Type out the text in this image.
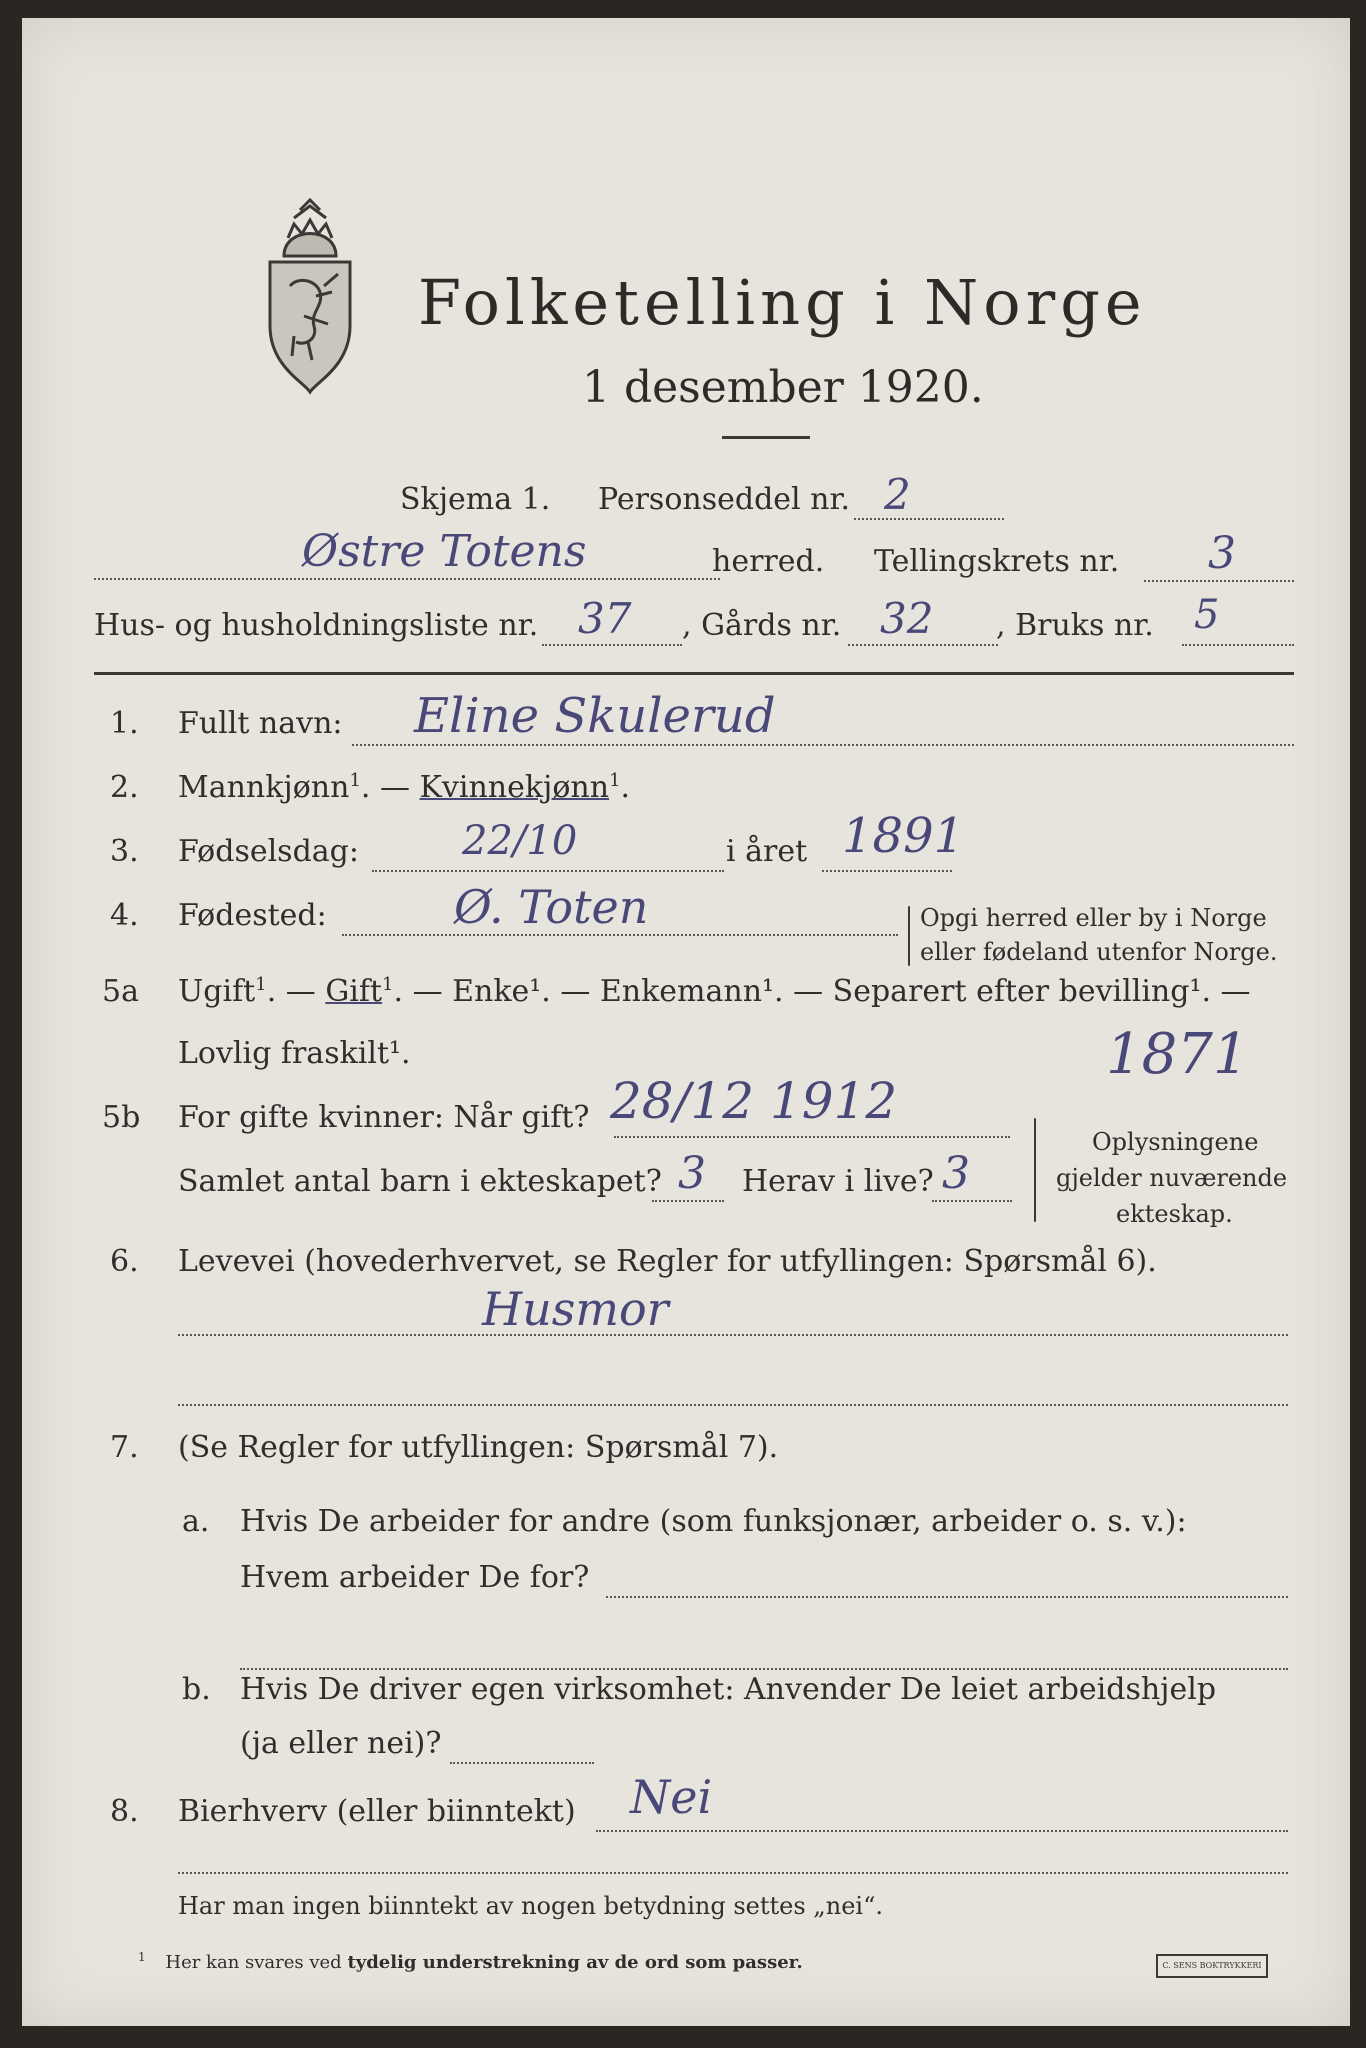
Folketelling i Norge
1 desember 1920.
Skjema 1. Personseddel nr. 2
Østre Totens	herred. Tellingskrets nr. 3
Hus- og husholdningsliste nr. 37 , Gårds nr. 32 , Bruks nr. 5
1. Fullt navn: Eline Skulerud
2. Mannkjønn$^1$. — Kvinnekjønn$^1$.
3. Fødselsdag:	22/10	i året 1891
4. Fødested:	Ø. Toten	Opgi herred eller by i Norge
eller fødeland utenfor Norge.
5a Ugift$^1$. — Gift$^1$. — Enke¹. — Enkemann¹. — Separert efter bevilling¹. —
Lovlig fraskilt¹.	1871
5b For gifte kvinner: Når gift? 28/12 1912
Samlet antal barn i ekteskapet? 3 Herav i live? 3
Oplysningene
gjelder nuværende
ekteskap.
6. Levevei (hovederhvervet, se Regler for utfyllingen: Spørsmål 6).
Husmor
7. (Se Regler for utfyllingen: Spørsmål 7).
a. Hvis De arbeider for andre (som funksjonær, arbeider o. s. v.):
Hvem arbeider De for?
b. Hvis De driver egen virksomhet: Anvender De leiet arbeidshjelp
(ja eller nei)?
8. Bierhverv (eller biinntekt) Nei
Har man ingen biinntekt av nogen betydning settes „nei“.
$^1$ Her kan svares ved tydelig understrekning av de ord som passer.	C. SENS BOKTRYKKERI
